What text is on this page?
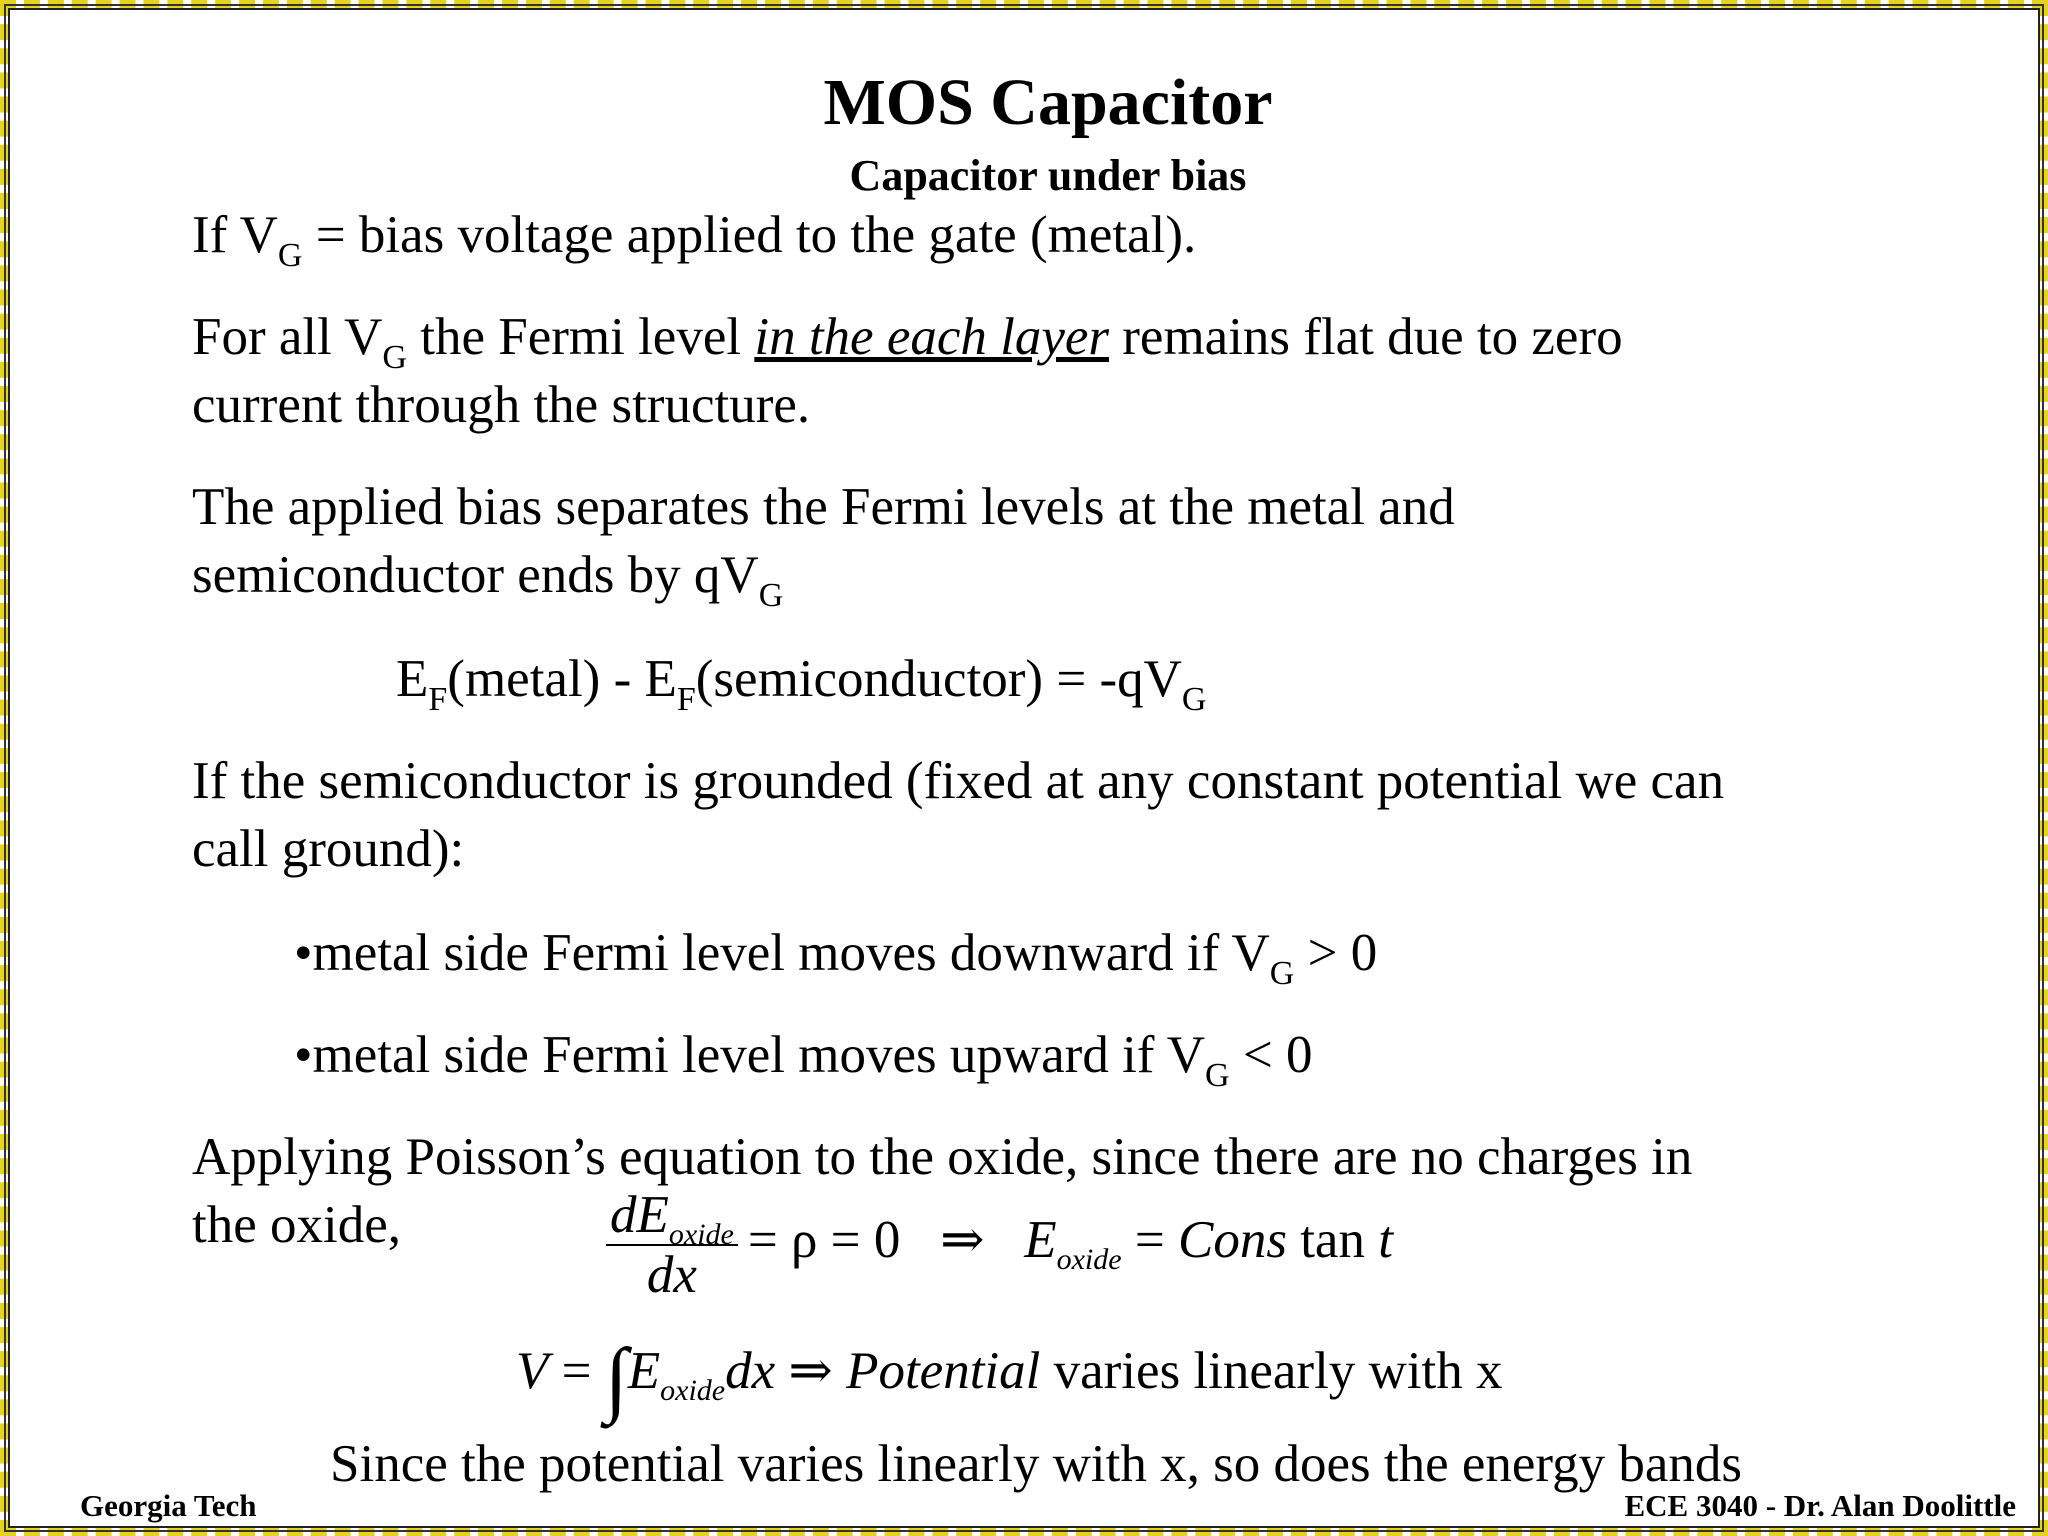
MOS Capacitor
Capacitor under bias
If $V_G$ = bias voltage applied to the gate (metal).
For all $V_G$ the Fermi level in the each layer remains flat due to zero
current through the structure.
The applied bias separates the Fermi levels at the metal and
semiconductor ends by $qV_G$
$E_F(metal)$ - $E_F(semiconductor) = -qV_G$
If the semiconductor is grounded (fixed at any constant potential we can
call ground):
•metal side Fermi level moves downward if $V_G > 0$
•metal side Fermi level moves upward if $V_G < 0$
Applying Poisson’s equation to the oxide, since there are no charges in
the oxide,	$\frac{dE_{oxide}}{dx} = \rho = 0$   ⇒   $E_{oxide}$ = Cons tan t
$V = \int E_{oxide}dx$ ⇒ Potential varies linearly with x
Since the potential varies linearly with x, so does the energy bands
Georgia Tech	ECE 3040 - Dr. Alan Doolittle
